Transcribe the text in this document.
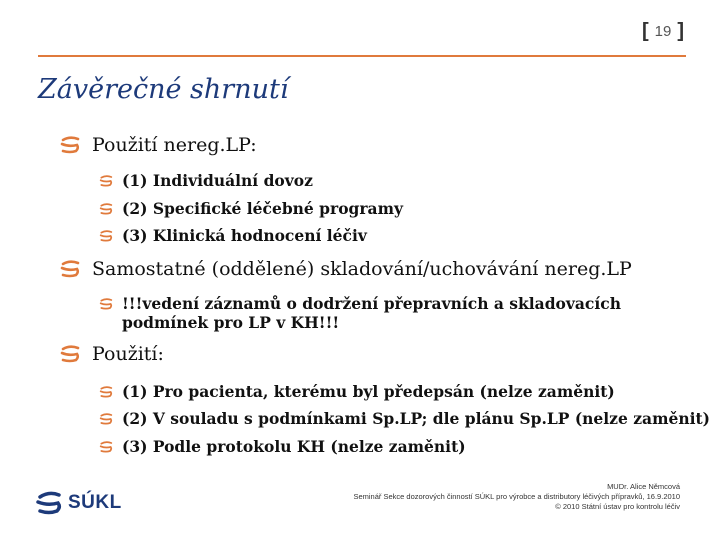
[ 19 ]
Závěrečné shrnutí
Použití nereg.LP:
(1) Individuální dovoz
(2) Specifické léčebné programy
(3) Klinická hodnocení léčiv
Samostatné (oddělené) skladování/uchovávání nereg.LP
!!!vedení záznamů o dodržení přepravních a skladovacích podmínek pro LP v KH!!!
Použití:
(1) Pro pacienta, kterému byl předepsán (nelze zaměnit)
(2) V souladu s podmínkami Sp.LP; dle plánu Sp.LP (nelze zaměnit)
(3) Podle protokolu KH (nelze zaměnit)
SÚKL
MUDr. Alice Němcová
Seminář Sekce dozorových činností SÚKL pro výrobce a distributory léčivých přípravků, 16.9.2010
© 2010 Státní ústav pro kontrolu léčiv
